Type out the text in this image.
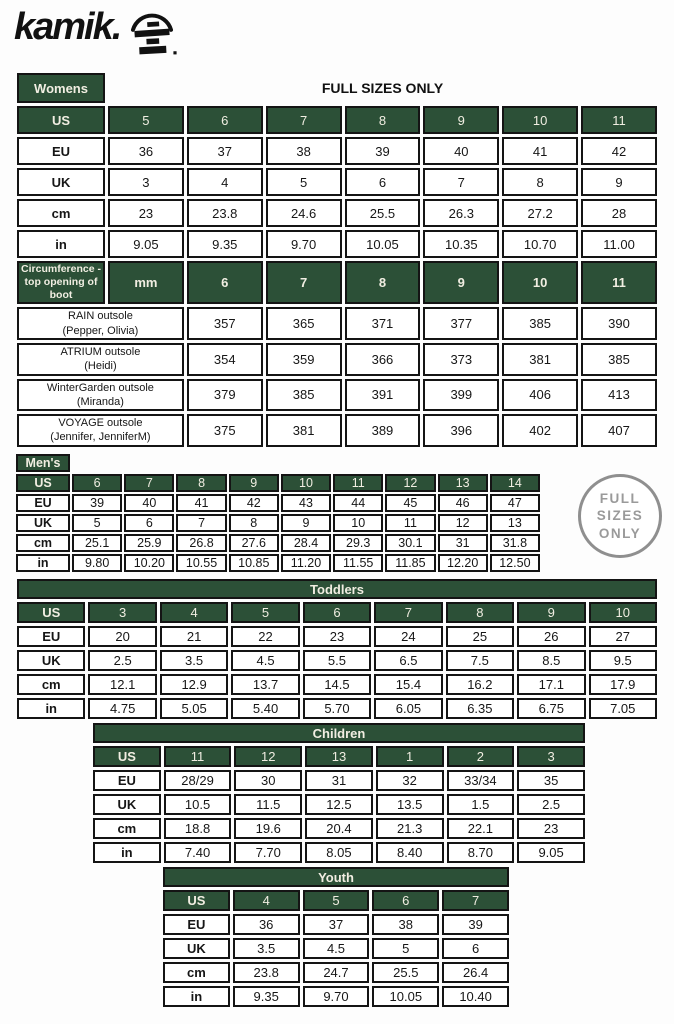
kamik.
Womens	FULL SIZES ONLY						
US	5	6	7	8	9	10	11
EU	36	37	38	39	40	41	42
UK	3	4	5	6	7	8	9
cm	23	23.8	24.6	25.5	26.3	27.2	28
in	9.05	9.35	9.70	10.05	10.35	10.70	11.00
Circumference - top opening of boot	mm	6	7	8	9	10	11

RAIN outsole
(Pepper, Olivia)		357	365	371	377	385	390

ATRIUM outsole
(Heidi)		354	359	366	373	381	385

WinterGarden outsole
(Miranda)		379	385	391	399	406	413

VOYAGE outsole
(Jennifer, JenniferM)		375	381	389	396	402	407
Men's									
US	6	7	8	9	10	11	12	13	14
EU	39	40	41	42	43	44	45	46	47
UK	5	6	7	8	9	10	11	12	13
cm	25.1	25.9	26.8	27.6	28.4	29.3	30.1	31	31.8
in	9.80	10.20	10.55	10.85	11.20	11.55	11.85	12.20	12.50
FULL
SIZES
ONLY
Toddlers								
US	3	4	5	6	7	8	9	10
EU	20	21	22	23	24	25	26	27
UK	2.5	3.5	4.5	5.5	6.5	7.5	8.5	9.5
cm	12.1	12.9	13.7	14.5	15.4	16.2	17.1	17.9
in	4.75	5.05	5.40	5.70	6.05	6.35	6.75	7.05
Children						
US	11	12	13	1	2	3
EU	28/29	30	31	32	33/34	35
UK	10.5	11.5	12.5	13.5	1.5	2.5
cm	18.8	19.6	20.4	21.3	22.1	23
in	7.40	7.70	8.05	8.40	8.70	9.05
Youth				
US	4	5	6	7
EU	36	37	38	39
UK	3.5	4.5	5	6
cm	23.8	24.7	25.5	26.4
in	9.35	9.70	10.05	10.40
